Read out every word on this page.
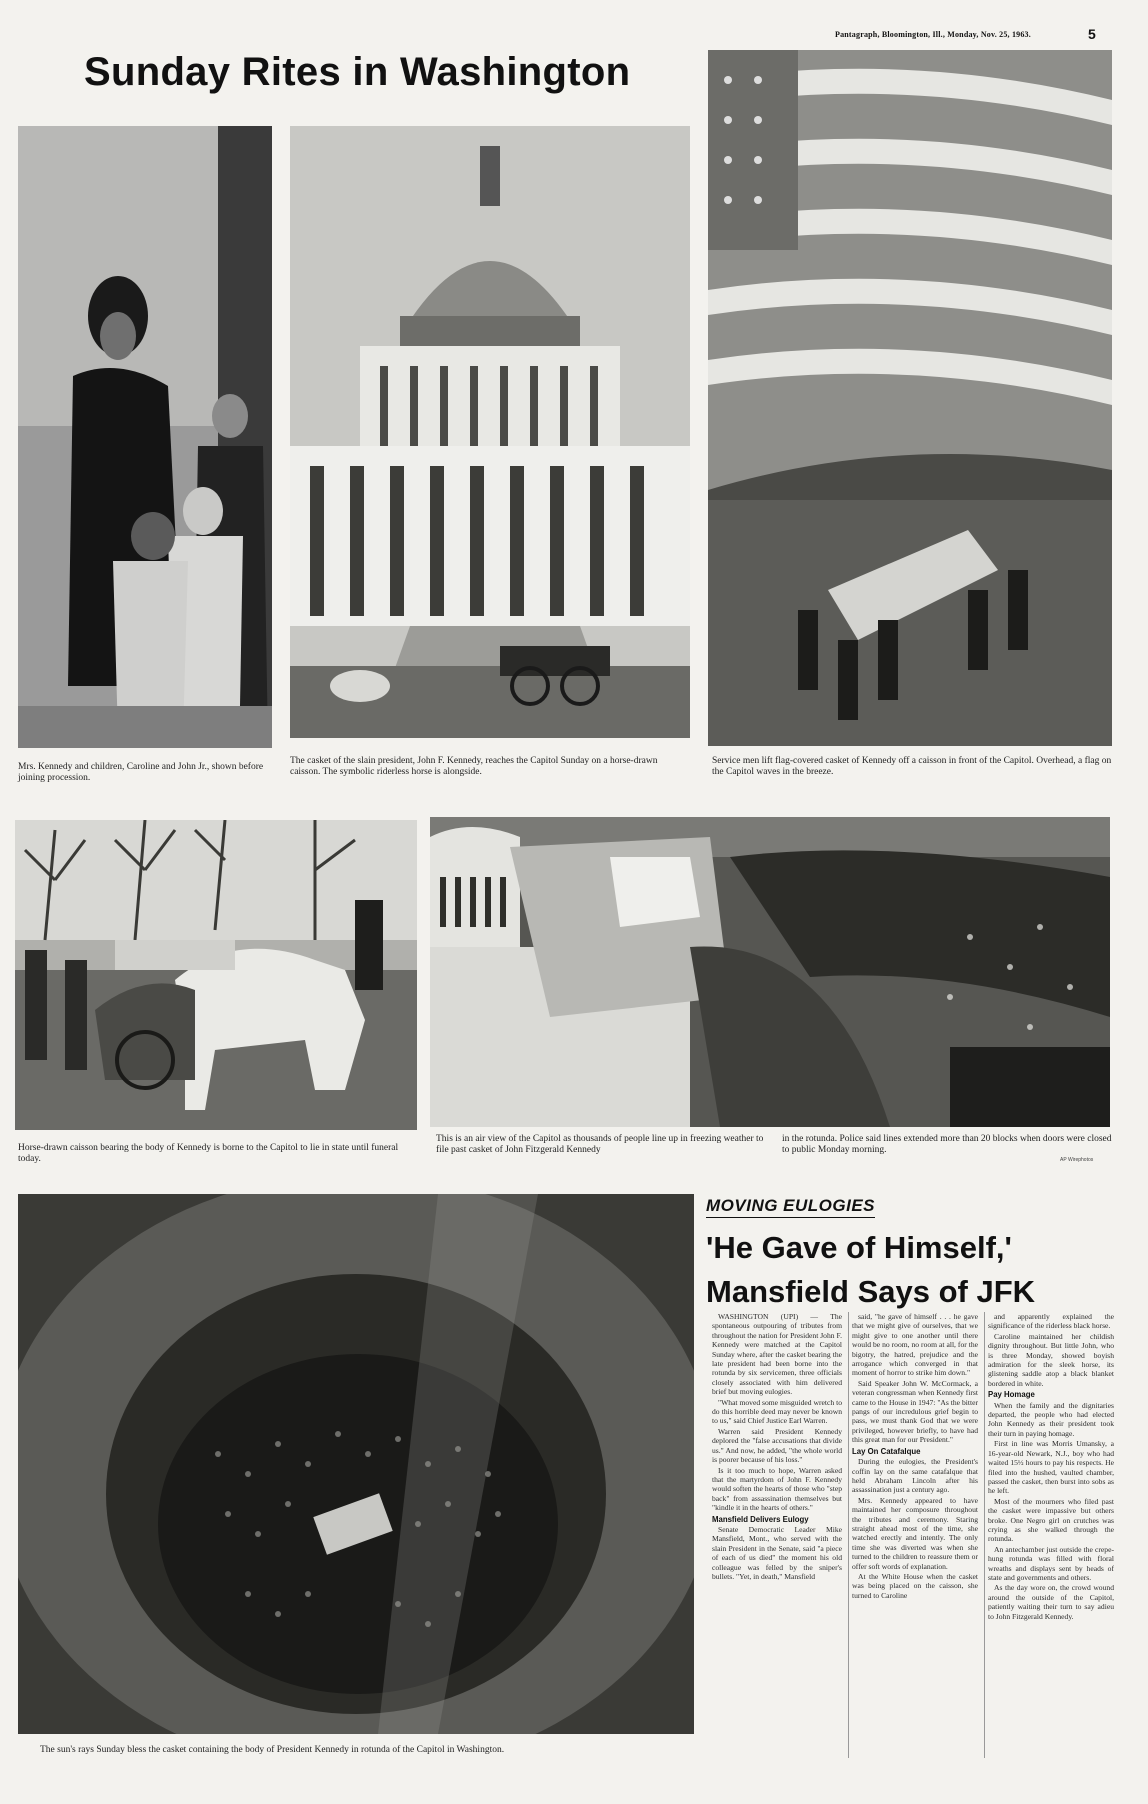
Pantagraph, Bloomington, Ill., Monday, Nov. 25, 1963.	5
Sunday Rites in Washington
Mrs. Kennedy and children, Caroline and John Jr., shown before joining procession.
The casket of the slain president, John F. Kennedy, reaches the Capitol Sunday on a horse-drawn caisson. The symbolic riderless horse is alongside.
Service men lift flag-covered casket of Kennedy off a caisson in front of the Capitol. Overhead, a flag on the Capitol waves in the breeze.
Horse-drawn caisson bearing the body of Kennedy is borne to the Capitol to lie in state until funeral today.
This is an air view of the Capitol as thousands of people line up in freezing weather to file past casket of John Fitzgerald Kennedy
in the rotunda. Police said lines extended more than 20 blocks when doors were closed to public Monday morning.
AP Wirephotos
The sun's rays Sunday bless the casket containing the body of President Kennedy in rotunda of the Capitol in Washington.
MOVING EULOGIES
'He Gave of Himself,'
Mansfield Says of JFK

WASHINGTON (UPI) — The spontaneous outpouring of tributes from throughout the nation for President John F. Kennedy were matched at the Capitol Sunday where, after the casket bearing the late president had been borne into the rotunda by six servicemen, three officials closely associated with him delivered brief but moving eulogies.

"What moved some misguided wretch to do this horrible deed may never be known to us," said Chief Justice Earl Warren.

Warren said President Kennedy deplored the "false accusations that divide us." And now, he added, "the whole world is poorer because of his loss."

Is it too much to hope, Warren asked that the martyrdom of John F. Kennedy would soften the hearts of those who "step back" from assassination themselves but "kindle it in the hearts of others."

Mansfield Delivers Eulogy

Senate Democratic Leader Mike Mansfield, Mont., who served with the slain President in the Senate, said "a piece of each of us died" the moment his old colleague was felled by the sniper's bullets. "Yet, in death," Mansfield

said, "he gave of himself . . . he gave that we might give of ourselves, that we might give to one another until there would be no room, no room at all, for the bigotry, the hatred, prejudice and the arrogance which converged in that moment of horror to strike him down."

Said Speaker John W. McCormack, a veteran congressman when Kennedy first came to the House in 1947: "As the bitter pangs of our incredulous grief begin to pass, we must thank God that we were privileged, however briefly, to have had this great man for our President."

Lay On Catafalque

During the eulogies, the President's coffin lay on the same catafalque that held Abraham Lincoln after his assassination just a century ago.

Mrs. Kennedy appeared to have maintained her composure throughout the tributes and ceremony. Staring straight ahead most of the time, she watched erectly and intently. The only time she was diverted was when she turned to the children to reassure them or offer soft words of explanation.

At the White House when the casket was being placed on the caisson, she turned to Caroline

and apparently explained the significance of the riderless black horse.

Caroline maintained her childish dignity throughout. But little John, who is three Monday, showed boyish admiration for the sleek horse, its glistening saddle atop a black blanket bordered in white.

Pay Homage

When the family and the dignitaries departed, the people who had elected John Kennedy as their president took their turn in paying homage.

First in line was Morris Umansky, a 16-year-old Newark, N.J., boy who had waited 15½ hours to pay his respects. He filed into the hushed, vaulted chamber, passed the casket, then burst into sobs as he left.

Most of the mourners who filed past the casket were impassive but others broke. One Negro girl on crutches was crying as she walked through the rotunda.

An antechamber just outside the crepe-hung rotunda was filled with floral wreaths and displays sent by heads of state and governments and others.

As the day wore on, the crowd wound around the outside of the Capitol, patiently waiting their turn to say adieu to John Fitzgerald Kennedy.
